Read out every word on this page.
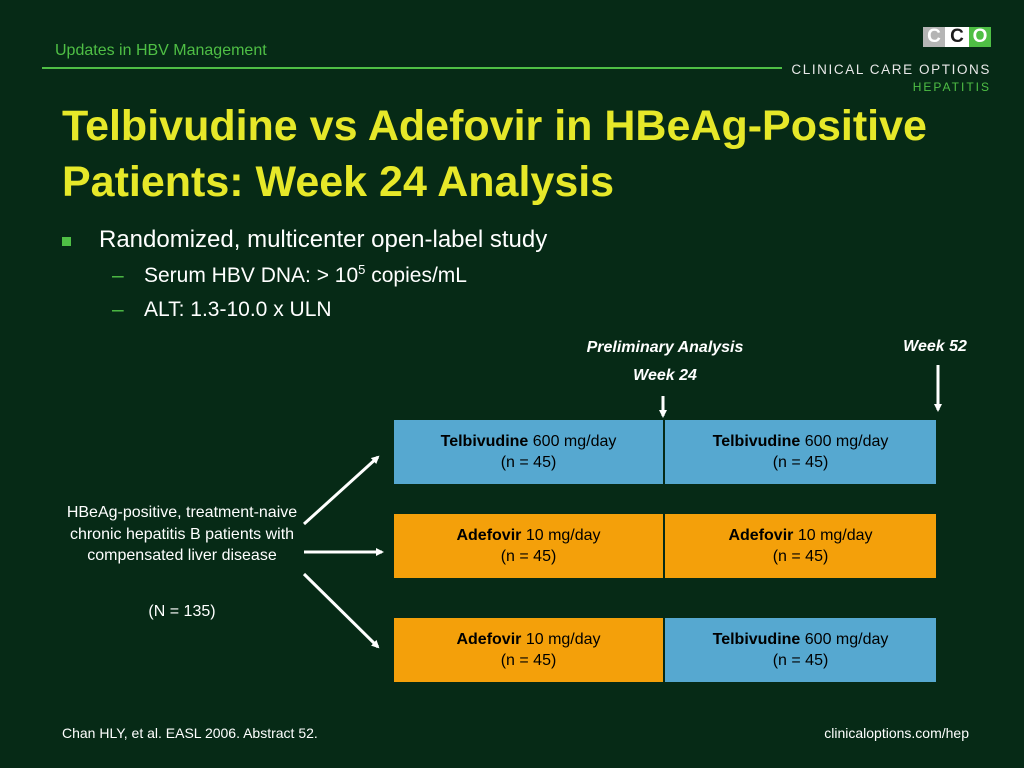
Updates in HBV Management
C C O
CLINICAL CARE OPTIONS
HEPATITIS
Telbivudine vs Adefovir in HBeAg-Positive Patients: Week 24 Analysis
Randomized, multicenter open-label study
– Serum HBV DNA: > $10^5$ copies/mL
– ALT: 1.3-10.0 x ULN
Preliminary Analysis
Week 24
Week 52
HBeAg-positive, treatment-naive chronic hepatitis B patients with compensated liver disease
(N = 135)
Telbivudine 600 mg/day
(n = 45)
Telbivudine 600 mg/day
(n = 45)
Adefovir 10 mg/day
(n = 45)
Adefovir 10 mg/day
(n = 45)
Adefovir 10 mg/day
(n = 45)
Telbivudine 600 mg/day
(n = 45)
Chan HLY, et al. EASL 2006. Abstract 52.	clinicaloptions.com/hep
